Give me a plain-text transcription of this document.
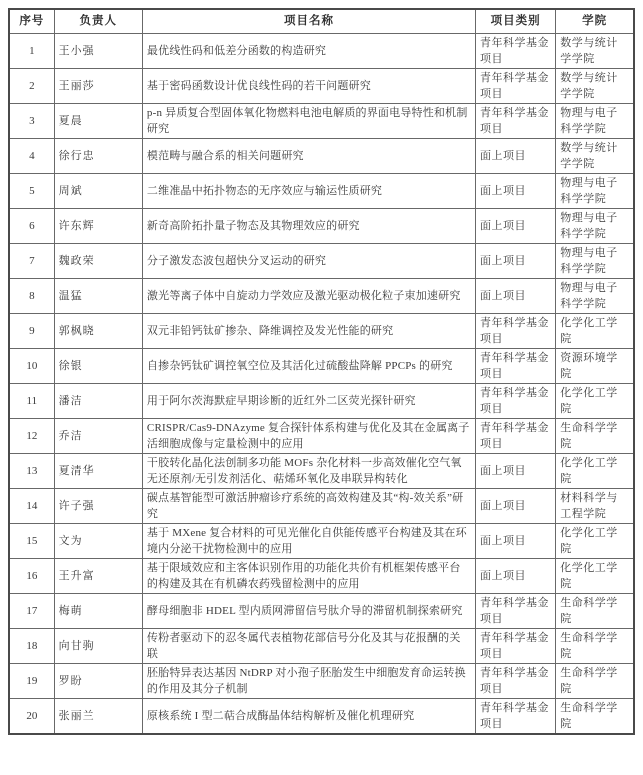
序号	负责人	项目名称	项目类别	学院
1	王小强	最优线性码和低差分函数的构造研究	青年科学基金项目	数学与统计学学院
2	王丽莎	基于密码函数设计优良线性码的若干问题研究	青年科学基金项目	数学与统计学学院
3	夏晨	p-n 异质复合型固体氧化物燃料电池电解质的界面电导特性和机制研究	青年科学基金项目	物理与电子科学学院
4	徐行忠	模范畴与融合系的相关问题研究	面上项目	数学与统计学学院
5	周斌	二维准晶中拓扑物态的无序效应与输运性质研究	面上项目	物理与电子科学学院
6	许东辉	新奇高阶拓扑量子物态及其物理效应的研究	面上项目	物理与电子科学学院
7	魏政荣	分子激发态波包超快分叉运动的研究	面上项目	物理与电子科学学院
8	温猛	激光等离子体中自旋动力学效应及激光驱动极化粒子束加速研究	面上项目	物理与电子科学学院
9	郭枫晓	双元非铅钙钛矿掺杂、降维调控及发光性能的研究	青年科学基金项目	化学化工学院
10	徐银	自掺杂钙钛矿调控氧空位及其活化过硫酸盐降解 PPCPs 的研究	青年科学基金项目	资源环境学院
11	潘洁	用于阿尔茨海默症早期诊断的近红外二区荧光探针研究	青年科学基金项目	化学化工学院
12	乔洁	CRISPR/Cas9-DNAzyme 复合探针体系构建与优化及其在金属离子活细胞成像与定量检测中的应用	青年科学基金项目	生命科学学院
13	夏清华	干胶转化晶化法创制多功能 MOFs 杂化材料一步高效催化空气氧无还原剂/无引发剂活化、萜烯环氧化及串联异构转化	面上项目	化学化工学院
14	许子强	碳点基智能型可激活肿瘤诊疗系统的高效构建及其“构-效关系”研究	面上项目	材料科学与工程学院
15	文为	基于 MXene 复合材料的可见光催化自供能传感平台构建及其在环境内分泌干扰物检测中的应用	面上项目	化学化工学院
16	王升富	基于限域效应和主客体识别作用的功能化共价有机框架传感平台的构建及其在有机磷农药残留检测中的应用	面上项目	化学化工学院
17	梅萌	酵母细胞非 HDEL 型内质网滞留信号肽介导的滞留机制探索研究	青年科学基金项目	生命科学学院
18	向甘驹	传粉者驱动下的忍冬属代表植物花部信号分化及其与花报酬的关联	青年科学基金项目	生命科学学院
19	罗盼	胚胎特异表达基因 NtDRP 对小孢子胚胎发生中细胞发育命运转换的作用及其分子机制	青年科学基金项目	生命科学学院
20	张丽兰	原核系统 I 型二萜合成酶晶体结构解析及催化机理研究	青年科学基金项目	生命科学学院
